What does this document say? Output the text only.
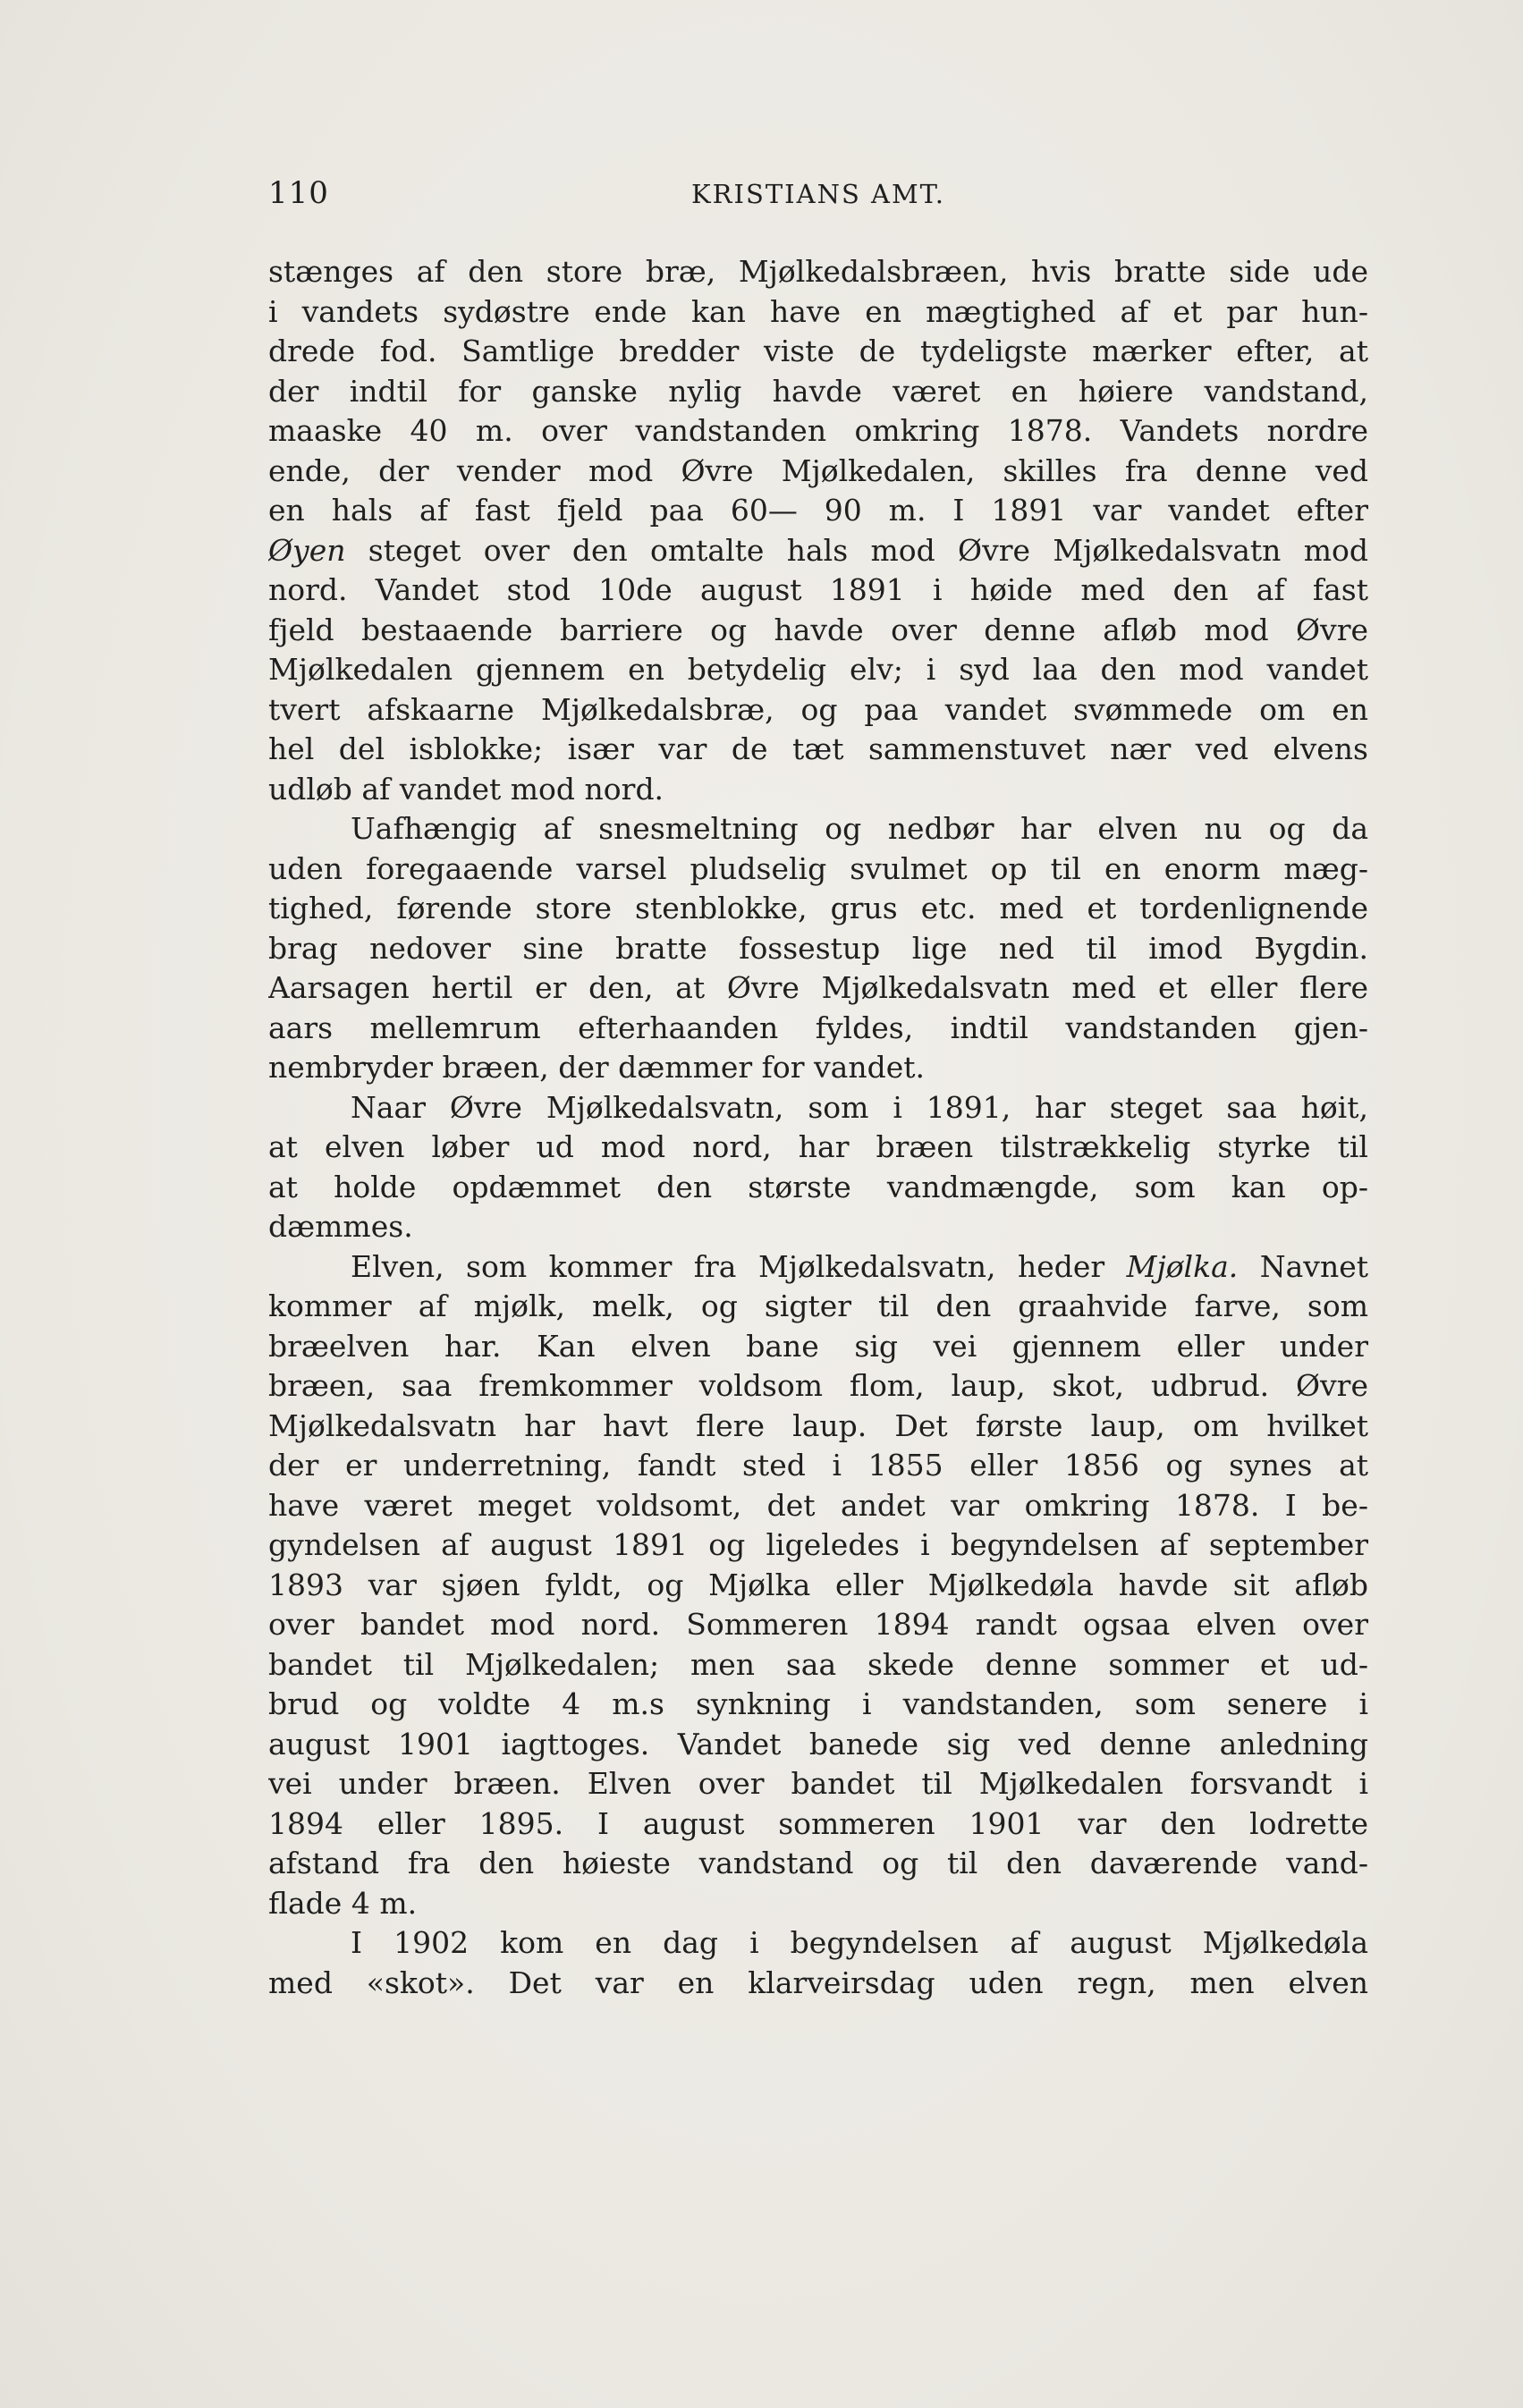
110	KRISTIANS AMT.
stænges af den store bræ, Mjølkedalsbræen, hvis bratte side ude
i vandets sydøstre ende kan have en mægtighed af et par hun-
drede fod. Samtlige bredder viste de tydeligste mærker efter, at
der indtil for ganske nylig havde været en høiere vandstand,
maaske 40 m. over vandstanden omkring 1878. Vandets nordre
ende, der vender mod Øvre Mjølkedalen, skilles fra denne ved
en hals af fast fjeld paa 60— 90 m. I 1891 var vandet efter
Øyen steget over den omtalte hals mod Øvre Mjølkedalsvatn mod
nord. Vandet stod 10de august 1891 i høide med den af fast
fjeld bestaaende barriere og havde over denne afløb mod Øvre
Mjølkedalen gjennem en betydelig elv; i syd laa den mod vandet
tvert afskaarne Mjølkedalsbræ, og paa vandet svømmede om en
hel del isblokke; især var de tæt sammenstuvet nær ved elvens
udløb af vandet mod nord.
Uafhængig af snesmeltning og nedbør har elven nu og da
uden foregaaende varsel pludselig svulmet op til en enorm mæg-
tighed, førende store stenblokke, grus etc. med et tordenlignende
brag nedover sine bratte fossestup lige ned til imod Bygdin.
Aarsagen hertil er den, at Øvre Mjølkedalsvatn med et eller flere
aars mellemrum efterhaanden fyldes, indtil vandstanden gjen-
nembryder bræen, der dæmmer for vandet.
Naar Øvre Mjølkedalsvatn, som i 1891, har steget saa høit,
at elven løber ud mod nord, har bræen tilstrækkelig styrke til
at holde opdæmmet den største vandmængde, som kan op-
dæmmes.
Elven, som kommer fra Mjølkedalsvatn, heder Mjølka. Navnet
kommer af mjølk, melk, og sigter til den graahvide farve, som
bræelven har. Kan elven bane sig vei gjennem eller under
bræen, saa fremkommer voldsom flom, laup, skot, udbrud. Øvre
Mjølkedalsvatn har havt flere laup. Det første laup, om hvilket
der er underretning, fandt sted i 1855 eller 1856 og synes at
have været meget voldsomt, det andet var omkring 1878. I be-
gyndelsen af august 1891 og ligeledes i begyndelsen af september
1893 var sjøen fyldt, og Mjølka eller Mjølkedøla havde sit afløb
over bandet mod nord. Sommeren 1894 randt ogsaa elven over
bandet til Mjølkedalen; men saa skede denne sommer et ud-
brud og voldte 4 m.s synkning i vandstanden, som senere i
august 1901 iagttoges. Vandet banede sig ved denne anledning
vei under bræen. Elven over bandet til Mjølkedalen forsvandt i
1894 eller 1895. I august sommeren 1901 var den lodrette
afstand fra den høieste vandstand og til den daværende vand-
flade 4 m.
I 1902 kom en dag i begyndelsen af august Mjølkedøla
med «skot». Det var en klarveirsdag uden regn, men elven
